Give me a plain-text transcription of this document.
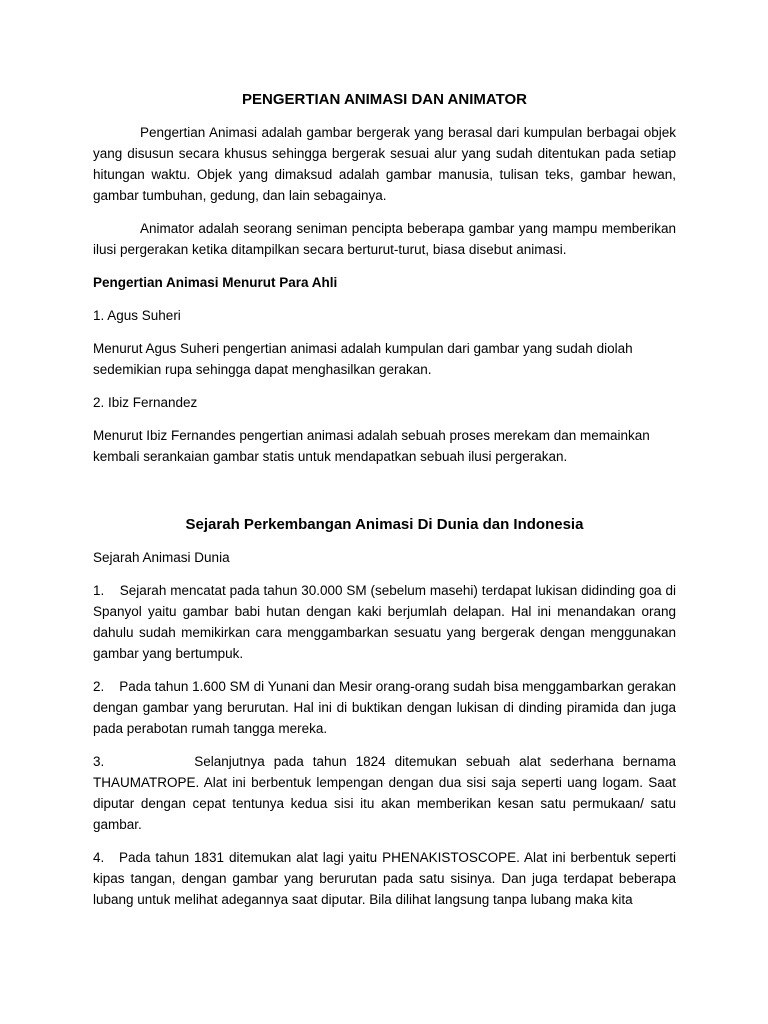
PENGERTIAN ANIMASI DAN ANIMATOR

Pengertian Animasi adalah gambar bergerak yang berasal dari kumpulan berbagai objek yang disusun secara khusus sehingga bergerak sesuai alur yang sudah ditentukan pada setiap hitungan waktu. Objek yang dimaksud adalah gambar manusia, tulisan teks, gambar hewan, gambar tumbuhan, gedung, dan lain sebagainya.

Animator adalah seorang seniman pencipta beberapa gambar yang mampu memberikan ilusi pergerakan ketika ditampilkan secara berturut-turut, biasa disebut animasi.

Pengertian Animasi Menurut Para Ahli

1. Agus Suheri

Menurut Agus Suheri pengertian animasi adalah kumpulan dari gambar yang sudah diolah sedemikian rupa sehingga dapat menghasilkan gerakan.

2. Ibiz Fernandez

Menurut Ibiz Fernandes pengertian animasi adalah sebuah proses merekam dan memainkan kembali serankaian gambar statis untuk mendapatkan sebuah ilusi pergerakan.

Sejarah Perkembangan Animasi Di Dunia dan Indonesia

Sejarah Animasi Dunia

1. Sejarah mencatat pada tahun 30.000 SM (sebelum masehi) terdapat lukisan didinding goa di Spanyol yaitu gambar babi hutan dengan kaki berjumlah delapan. Hal ini menandakan orang dahulu sudah memikirkan cara menggambarkan sesuatu yang bergerak dengan menggunakan gambar yang bertumpuk.

2. Pada tahun 1.600 SM di Yunani dan Mesir orang-orang sudah bisa menggambarkan gerakan dengan gambar yang berurutan. Hal ini di buktikan dengan lukisan di dinding piramida dan juga pada perabotan rumah tangga mereka.

3.	Selanjutnya pada tahun 1824 ditemukan sebuah alat sederhana bernama THAUMATROPE. Alat ini berbentuk lempengan dengan dua sisi saja seperti uang logam. Saat diputar dengan cepat tentunya kedua sisi itu akan memberikan kesan satu permukaan/ satu gambar.

4. Pada tahun 1831 ditemukan alat lagi yaitu PHENAKISTOSCOPE. Alat ini berbentuk seperti kipas tangan, dengan gambar yang berurutan pada satu sisinya. Dan juga terdapat beberapa lubang untuk melihat adegannya saat diputar. Bila dilihat langsung tanpa lubang maka kita
